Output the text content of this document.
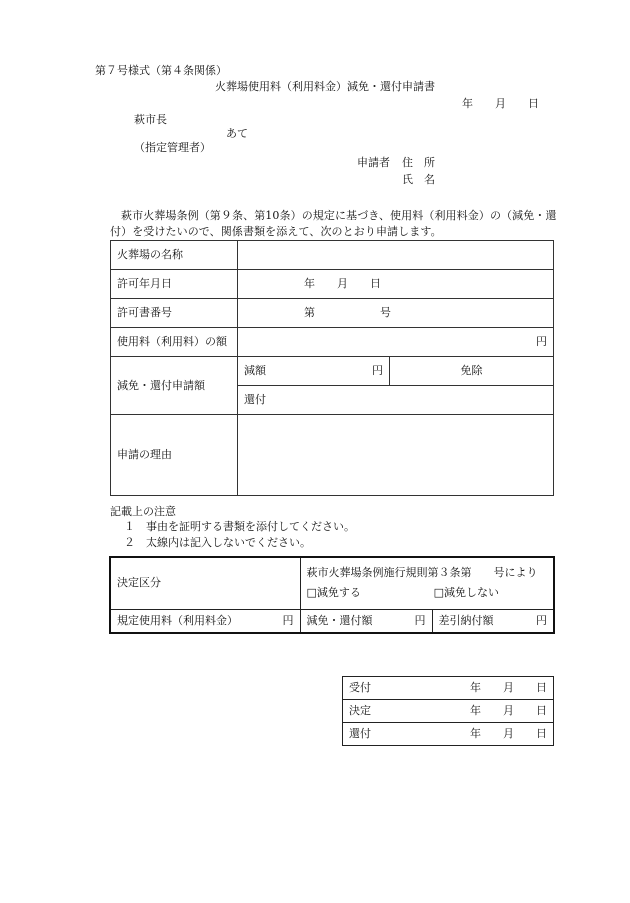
第７号様式（第４条関係）
火葬場使用料（利用料金）減免・還付申請書
年　　月　　日
萩市長
あて
（指定管理者）
申請者 住　所
氏　名
萩市火葬場条例（第９条、第10条）の規定に基づき、使用料（利用料金）の（減免・還付）を受けたいので、関係書類を添えて、次のとおり申請します。
火葬場の名称		
許可年月日	年　　月　　日	
許可書番号	第 号	
使用料（利用料）の額	円	
減免・還付申請額	減額 円	免除
	還付	
申請の理由		
記載上の注意
１　事由を証明する書類を添付してください。
２　太線内は記入しないでください。
決定区分	萩市火葬場条例施行規則第３条第　　号により
□減免する □減免しない	

規定使用料（利用料金） 円	減免・還付額 円	差引納付額 円
受付	年　　月　　日

決定	年　　月　　日

還付	年　　月　　日
